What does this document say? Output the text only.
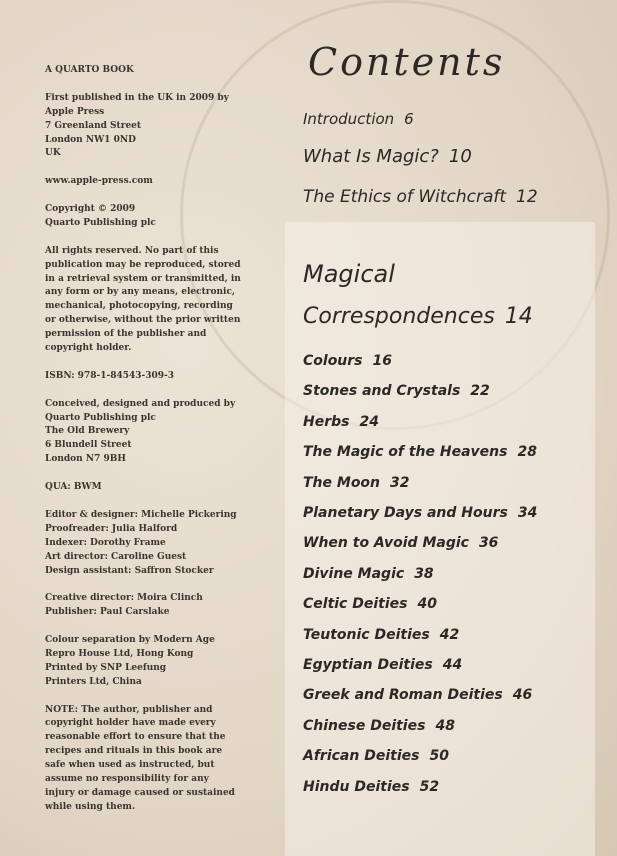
A QUARTO BOOK

First published in the UK in 2009 by
Apple Press
7 Greenland Street
London NW1 0ND
UK

www.apple-press.com

Copyright © 2009
Quarto Publishing plc

All rights reserved. No part of this
publication may be reproduced, stored
in a retrieval system or transmitted, in
any form or by any means, electronic,
mechanical, photocopying, recording
or otherwise, without the prior written
permission of the publisher and
copyright holder.

ISBN: 978-1-84543-309-3

Conceived, designed and produced by
Quarto Publishing plc
The Old Brewery
6 Blundell Street
London N7 9BH

QUA: BWM

Editor & designer: Michelle Pickering
Proofreader: Julia Halford
Indexer: Dorothy Frame
Art director: Caroline Guest
Design assistant: Saffron Stocker

Creative director: Moira Clinch
Publisher: Paul Carslake

Colour separation by Modern Age
Repro House Ltd, Hong Kong
Printed by SNP Leefung
Printers Ltd, China

NOTE: The author, publisher and
copyright holder have made every
reasonable effort to ensure that the
recipes and rituals in this book are
safe when used as instructed, but
assume no responsibility for any
injury or damage caused or sustained
while using them.

Contents
Introduction 6
What Is Magic? 10
The Ethics of Witchcraft 12
Magical
Correspondences 14
Colours 16
Stones and Crystals 22
Herbs 24
The Magic of the Heavens 28
The Moon 32
Planetary Days and Hours 34
When to Avoid Magic 36
Divine Magic 38
Celtic Deities 40
Teutonic Deities 42
Egyptian Deities 44
Greek and Roman Deities 46
Chinese Deities 48
African Deities 50
Hindu Deities 52
